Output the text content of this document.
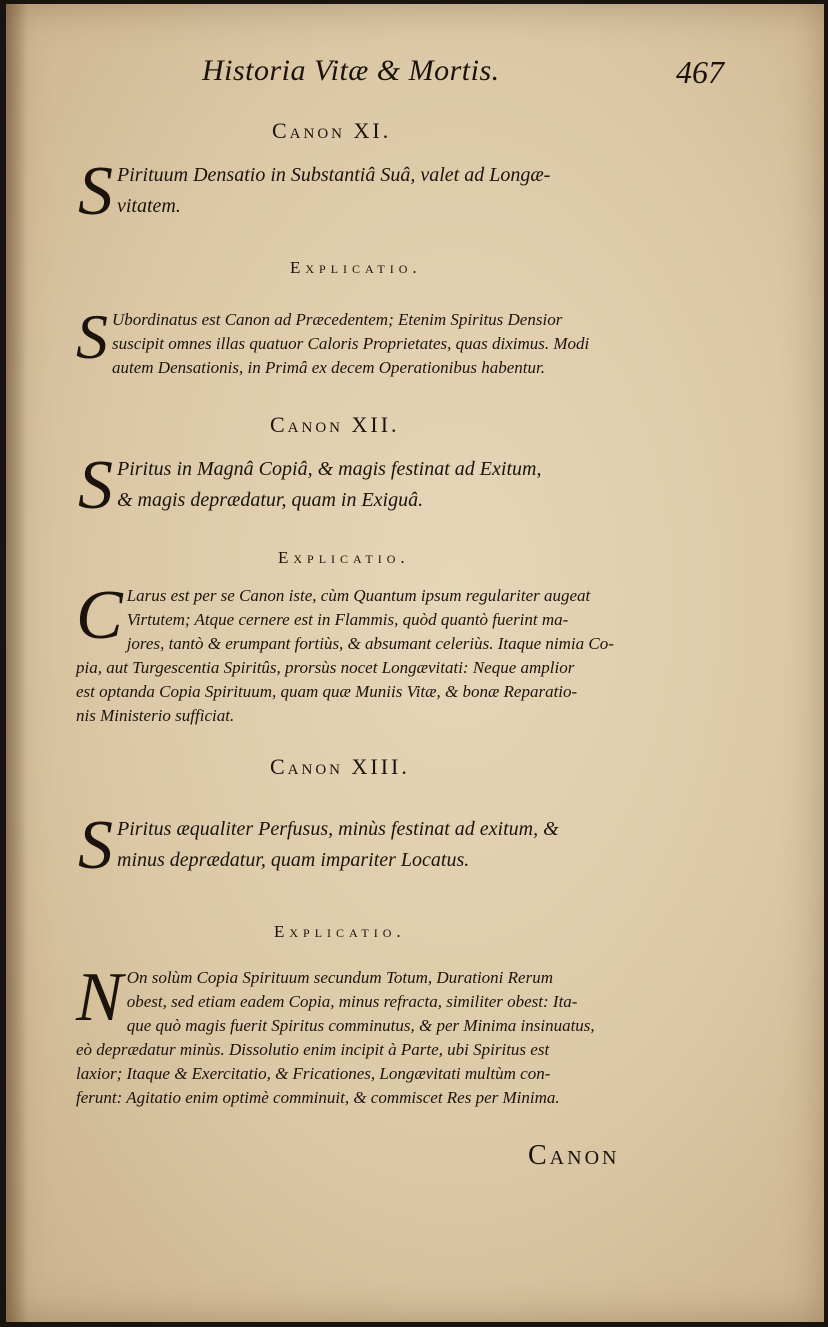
Historia Vitæ & Mortis.	467
Canon XI.
S Pirituum Densatio in Substantiâ Suâ, valet ad Longæ-
vitatem.
Explicatio.
S Ubordinatus est Canon ad Præcedentem; Etenim Spiritus Densior
suscipit omnes illas quatuor Caloris Proprietates, quas diximus. Modi
autem Densationis, in Primâ ex decem Operationibus habentur.
Canon XII.
S Piritus in Magnâ Copiâ, & magis festinat ad Exitum,
& magis deprædatur, quam in Exiguâ.
Explicatio.
C Larus est per se Canon iste, cùm Quantum ipsum regulariter augeat
Virtutem; Atque cernere est in Flammis, quòd quantò fuerint ma-
jores, tantò & erumpant fortiùs, & absumant celeriùs. Itaque nimia Co-
pia, aut Turgescentia Spiritûs, prorsùs nocet Longævitati: Neque amplior
est optanda Copia Spirituum, quam quæ Muniis Vitæ, & bonæ Reparatio-
nis Ministerio sufficiat.
Canon XIII.
S Piritus æqualiter Perfusus, minùs festinat ad exitum, &
minus deprædatur, quam impariter Locatus.
Explicatio.
N On solùm Copia Spirituum secundum Totum, Durationi Rerum
obest, sed etiam eadem Copia, minus refracta, similiter obest: Ita-
que quò magis fuerit Spiritus comminutus, & per Minima insinuatus,
eò deprædatur minùs. Dissolutio enim incipit à Parte, ubi Spiritus est
laxior; Itaque & Exercitatio, & Fricationes, Longævitati multùm con-
ferunt: Agitatio enim optimè comminuit, & commiscet Res per Minima.
Canon
